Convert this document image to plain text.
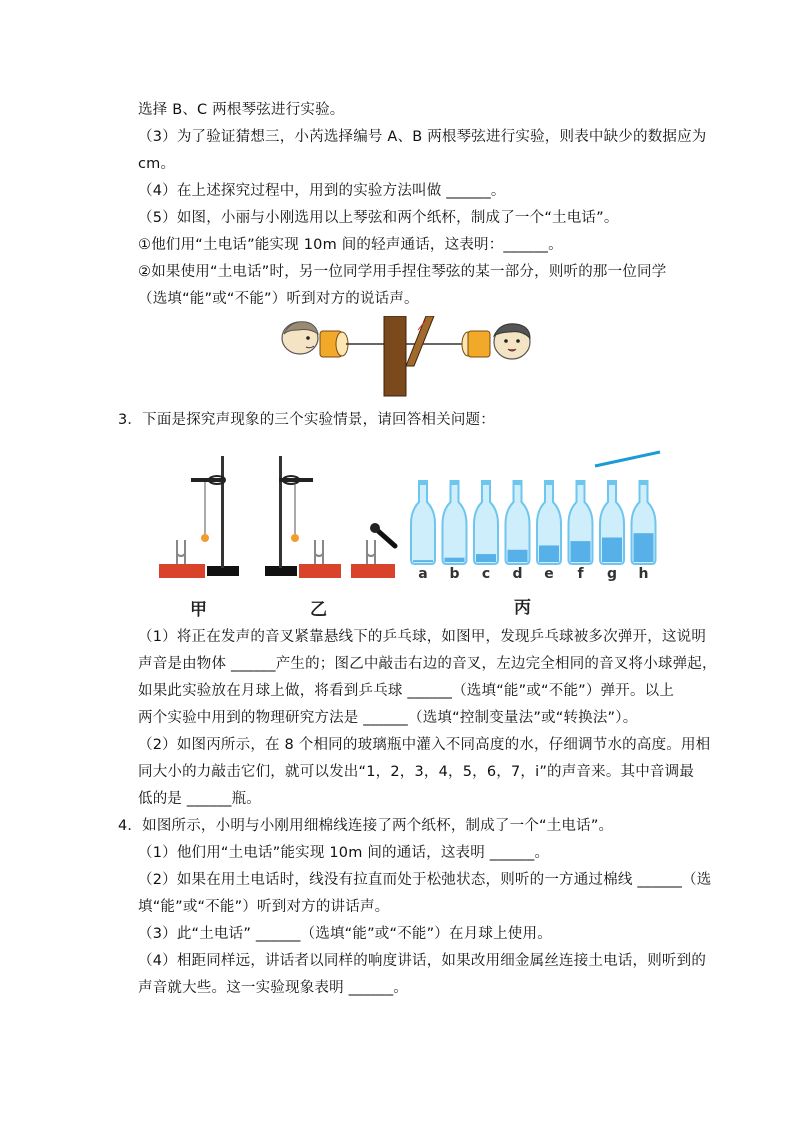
选择 B、C 两根琴弦进行实验。
（3）为了验证猜想三，小芮选择编号 A、B 两根琴弦进行实验，则表中缺少的数据应为
cm。
（4）在上述探究过程中，用到的实验方法叫做 ______。
（5）如图，小丽与小刚选用以上琴弦和两个纸杯，制成了一个“土电话”。
①他们用“土电话”能实现 10m 间的轻声通话，这表明：______。
②如果使用“土电话”时，另一位同学用手捏住琴弦的某一部分，则听的那一位同学
（选填“能”或“不能”）听到对方的说话声。
3．下面是探究声现象的三个实验情景，请回答相关问题：
a b c d e f g h
甲	乙	丙
（1）将正在发声的音叉紧靠悬线下的乒乓球，如图甲，发现乒乓球被多次弹开，这说明
声音是由物体 ______产生的；图乙中敲击右边的音叉，左边完全相同的音叉将小球弹起，
如果此实验放在月球上做，将看到乒乓球 ______（选填“能”或“不能”）弹开。以上
两个实验中用到的物理研究方法是 ______（选填“控制变量法”或“转换法”）。
（2）如图丙所示，在 8 个相同的玻璃瓶中灌入不同高度的水，仔细调节水的高度。用相
同大小的力敲击它们，就可以发出“1，2，3，4，5，6，7，i”的声音来。其中音调最
低的是 ______瓶。
4．如图所示，小明与小刚用细棉线连接了两个纸杯，制成了一个“土电话”。
（1）他们用“土电话”能实现 10m 间的通话，这表明 ______。
（2）如果在用土电话时，线没有拉直而处于松弛状态，则听的一方通过棉线 ______（选
填“能”或“不能”）听到对方的讲话声。
（3）此“土电话” ______（选填“能”或“不能”）在月球上使用。
（4）相距同样远，讲话者以同样的响度讲话，如果改用细金属丝连接土电话，则听到的
声音就大些。这一实验现象表明 ______。
